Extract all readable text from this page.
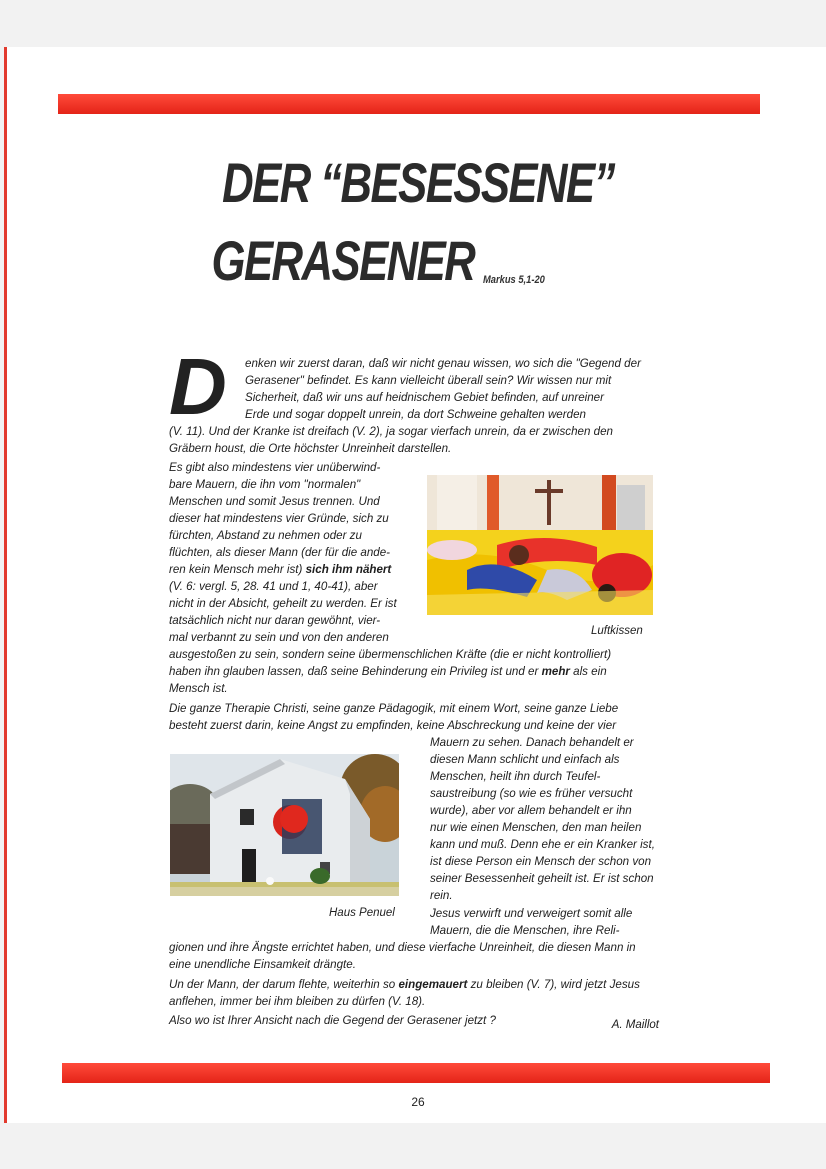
DER “BESESSENE”
GERASENER Markus 5,1-20
D enken wir zuerst daran, daß wir nicht genau wissen, wo sich die "Gegend der
Gerasener" befindet. Es kann vielleicht überall sein? Wir wissen nur mit
Sicherheit, daß wir uns auf heidnischem Gebiet befinden, auf unreiner
Erde und sogar doppelt unrein, da dort Schweine gehalten werden
(V. 11). Und der Kranke ist dreifach (V. 2), ja sogar vierfach unrein, da er zwischen den
Gräbern houst, die Orte höchster Unreinheit darstellen.
Es gibt also mindestens vier unüberwind-
bare Mauern, die ihn vom "normalen"
Menschen und somit Jesus trennen. Und
dieser hat mindestens vier Gründe, sich zu
fürchten, Abstand zu nehmen oder zu
flüchten, als dieser Mann (der für die ande-
ren kein Mensch mehr ist) sich ihm nähert
(V. 6: vergl. 5, 28. 41 und 1, 40-41), aber
nicht in der Absicht, geheilt zu werden. Er ist
tatsächlich nicht nur daran gewöhnt, vier-
mal verbannt zu sein und von den anderen	Luftkissen
ausgestoßen zu sein, sondern seine übermenschlichen Kräfte (die er nicht kontrolliert)
haben ihn glauben lassen, daß seine Behinderung ein Privileg ist und er mehr als ein
Mensch ist.
Die ganze Therapie Christi, seine ganze Pädagogik, mit einem Wort, seine ganze Liebe
besteht zuerst darin, keine Angst zu empfinden, keine Abschreckung und keine der vier
Mauern zu sehen. Danach behandelt er
diesen Mann schlicht und einfach als
Menschen, heilt ihn durch Teufel-
saustreibung (so wie es früher versucht
wurde), aber vor allem behandelt er ihn
nur wie einen Menschen, den man heilen
kann und muß. Denn ehe er ein Kranker ist,
ist diese Person ein Mensch der schon von
seiner Besessenheit geheilt ist. Er ist schon
rein.
Jesus verwirft und verweigert somit alle
Mauern, die die Menschen, ihre Reli-
Haus Penuel
gionen und ihre Ängste errichtet haben, und diese vierfache Unreinheit, die diesen Mann in
eine unendliche Einsamkeit drängte.
Un der Mann, der darum flehte, weiterhin so eingemauert zu bleiben (V. 7), wird jetzt Jesus
anflehen, immer bei ihm bleiben zu dürfen (V. 18).
Also wo ist Ihrer Ansicht nach die Gegend der Gerasener jetzt ?	A. Maillot
26
